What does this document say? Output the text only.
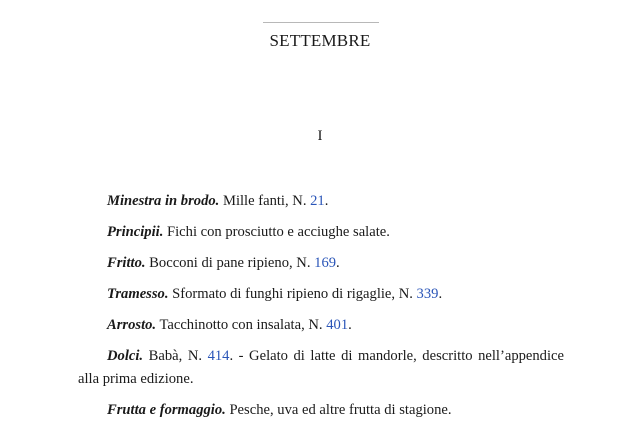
SETTEMBRE
I

Minestra in brodo. Mille fanti, N. 21.

Principii. Fichi con prosciutto e acciughe salate.

Fritto. Bocconi di pane ripieno, N. 169.

Tramesso. Sformato di funghi ripieno di rigaglie, N. 339.

Arrosto. Tacchinotto con insalata, N. 401.

Dolci. Babà, N. 414. - Gelato di latte di mandorle, descritto nell’appendice alla prima edizione.

Frutta e formaggio. Pesche, uva ed altre frutta di stagione.
